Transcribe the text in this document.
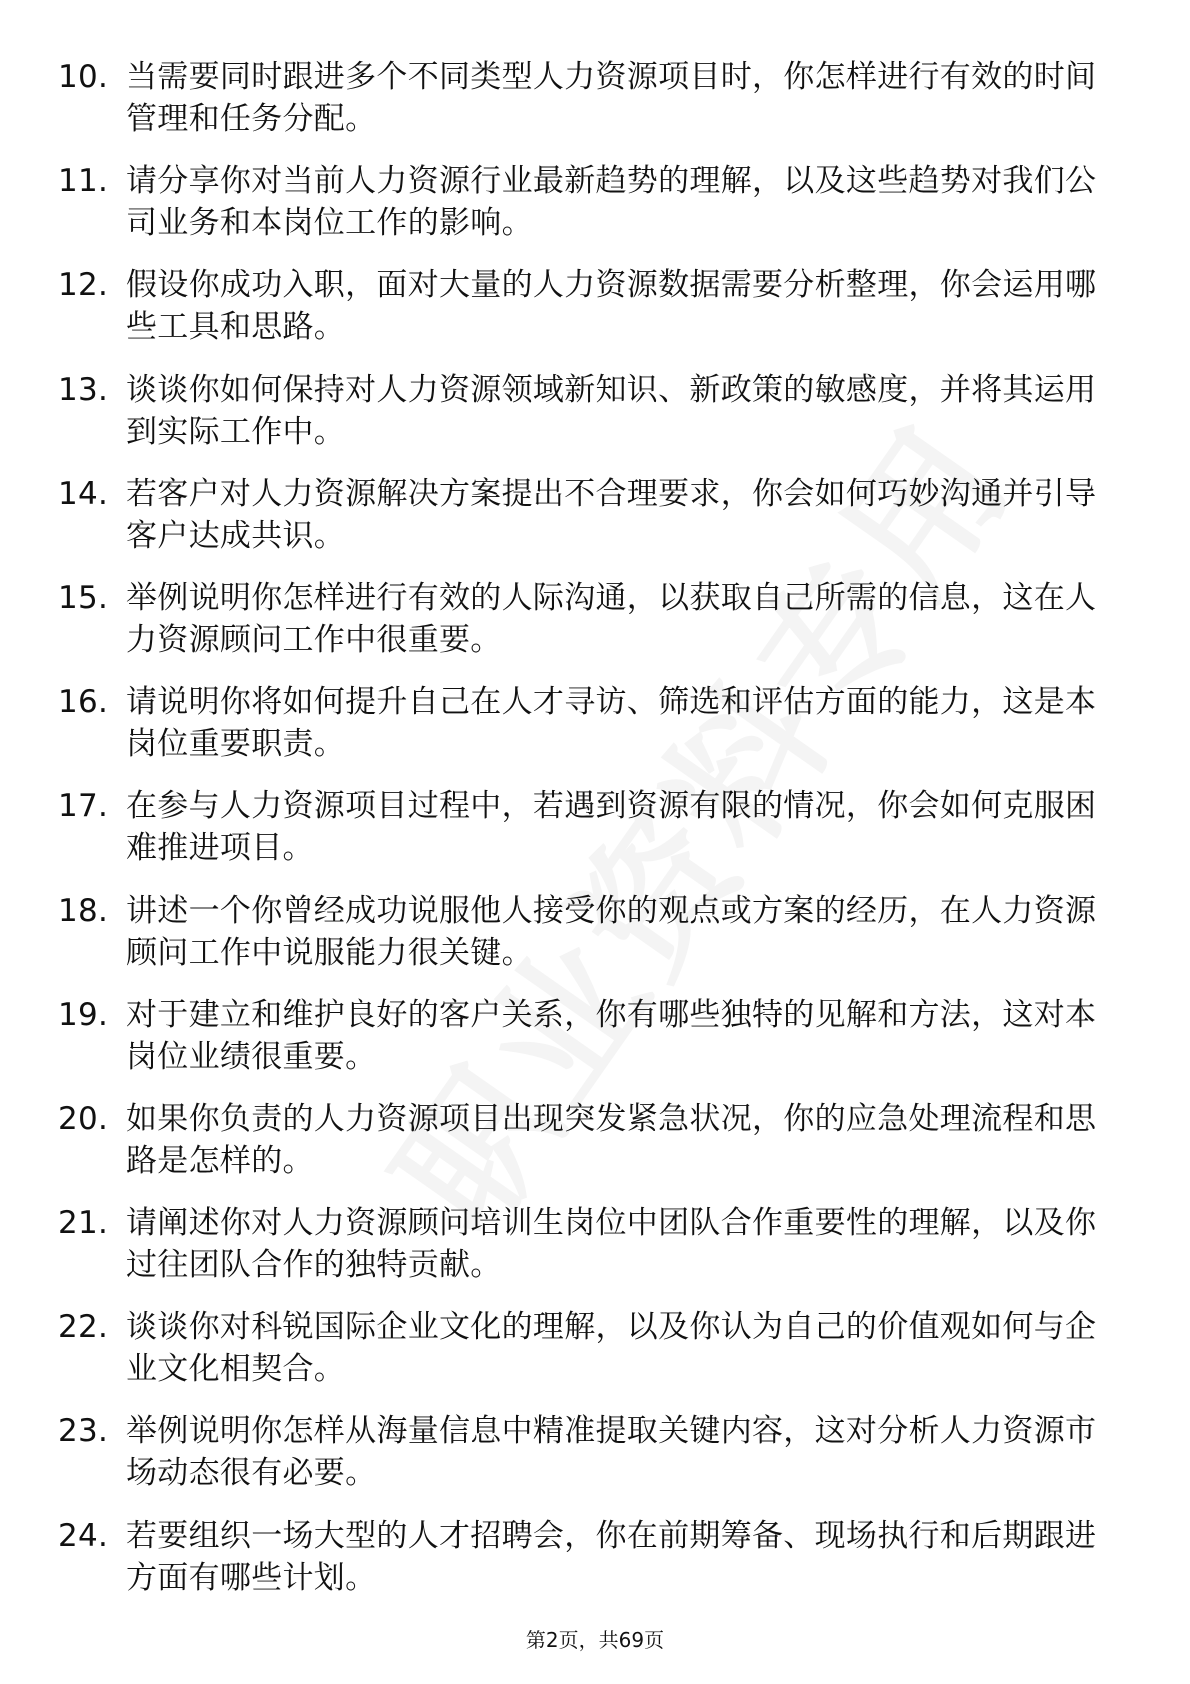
10. 当需要同时跟进多个不同类型人力资源项目时，你怎样进行有效的时间管理和任务分配。
11. 请分享你对当前人力资源行业最新趋势的理解，以及这些趋势对我们公司业务和本岗位工作的影响。
12. 假设你成功入职，面对大量的人力资源数据需要分析整理，你会运用哪些工具和思路。
13. 谈谈你如何保持对人力资源领域新知识、新政策的敏感度，并将其运用到实际工作中。
14. 若客户对人力资源解决方案提出不合理要求，你会如何巧妙沟通并引导客户达成共识。
15. 举例说明你怎样进行有效的人际沟通，以获取自己所需的信息，这在人力资源顾问工作中很重要。
16. 请说明你将如何提升自己在人才寻访、筛选和评估方面的能力，这是本岗位重要职责。
17. 在参与人力资源项目过程中，若遇到资源有限的情况，你会如何克服困难推进项目。
18. 讲述一个你曾经成功说服他人接受你的观点或方案的经历，在人力资源顾问工作中说服能力很关键。
19. 对于建立和维护良好的客户关系，你有哪些独特的见解和方法，这对本岗位业绩很重要。
20. 如果你负责的人力资源项目出现突发紧急状况，你的应急处理流程和思路是怎样的。
21. 请阐述你对人力资源顾问培训生岗位中团队合作重要性的理解，以及你过往团队合作的独特贡献。
22. 谈谈你对科锐国际企业文化的理解，以及你认为自己的价值观如何与企业文化相契合。
23. 举例说明你怎样从海量信息中精准提取关键内容，这对分析人力资源市场动态很有必要。
24. 若要组织一场大型的人才招聘会，你在前期筹备、现场执行和后期跟进方面有哪些计划。
第2页，共69页
